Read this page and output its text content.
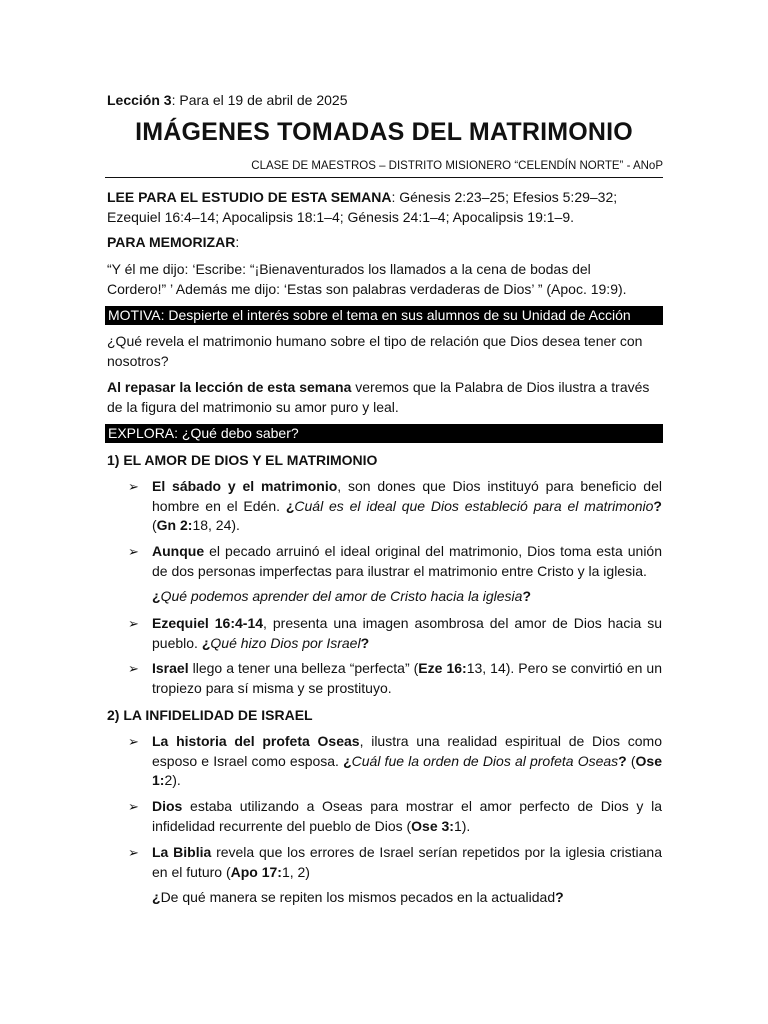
Lección 3: Para el 19 de abril de 2025
IMÁGENES TOMADAS DEL MATRIMONIO
CLASE DE MAESTROS – DISTRITO MISIONERO “CELENDÍN NORTE” - ANoP
LEE PARA EL ESTUDIO DE ESTA SEMANA: Génesis 2:23–25; Efesios 5:29–32;
Ezequiel 16:4–14; Apocalipsis 18:1–4; Génesis 24:1–4; Apocalipsis 19:1–9.
PARA MEMORIZAR:
“Y él me dijo: ‘Escribe: “¡Bienaventurados los llamados a la cena de bodas del
Cordero!” ’ Además me dijo: ‘Estas son palabras verdaderas de Dios’ ” (Apoc. 19:9).
MOTIVA: Despierte el interés sobre el tema en sus alumnos de su Unidad de Acción
¿Qué revela el matrimonio humano sobre el tipo de relación que Dios desea tener con
nosotros?
Al repasar la lección de esta semana veremos que la Palabra de Dios ilustra a través
de la figura del matrimonio su amor puro y leal.
EXPLORA: ¿Qué debo saber?
1) EL AMOR DE DIOS Y EL MATRIMONIO
➢ El sábado y el matrimonio, son dones que Dios instituyó para beneficio del hombre en el Edén. ¿Cuál es el ideal que Dios estableció para el matrimonio? (Gn 2:18, 24).
➢ Aunque el pecado arruinó el ideal original del matrimonio, Dios toma esta unión de dos personas imperfectas para ilustrar el matrimonio entre Cristo y la iglesia.
¿Qué podemos aprender del amor de Cristo hacia la iglesia?
➢ Ezequiel 16:4-14, presenta una imagen asombrosa del amor de Dios hacia su pueblo. ¿Qué hizo Dios por Israel?
➢ Israel llego a tener una belleza “perfecta” (Eze 16:13, 14). Pero se convirtió en un tropiezo para sí misma y se prostituyo.
2) LA INFIDELIDAD DE ISRAEL
➢ La historia del profeta Oseas, ilustra una realidad espiritual de Dios como esposo e Israel como esposa. ¿Cuál fue la orden de Dios al profeta Oseas? (Ose 1:2).
➢ Dios estaba utilizando a Oseas para mostrar el amor perfecto de Dios y la infidelidad recurrente del pueblo de Dios (Ose 3:1).
➢ La Biblia revela que los errores de Israel serían repetidos por la iglesia cristiana en el futuro (Apo 17:1, 2)
¿De qué manera se repiten los mismos pecados en la actualidad?
